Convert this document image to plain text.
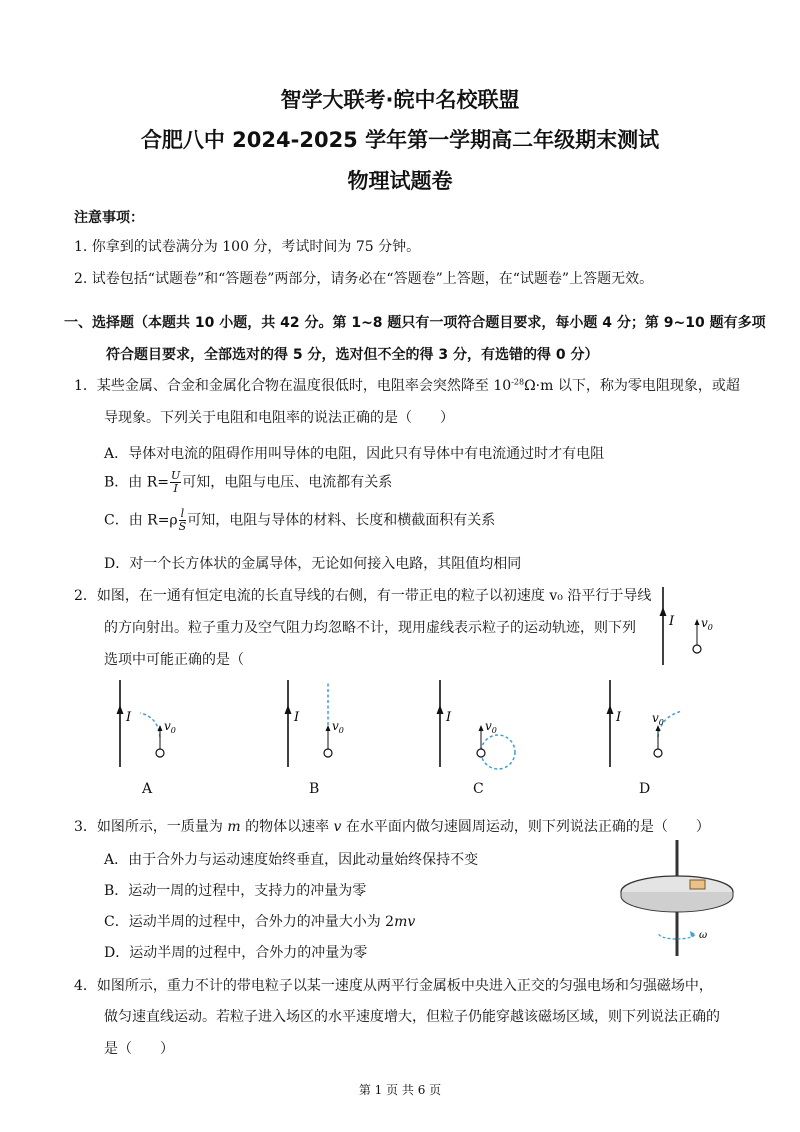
智学大联考·皖中名校联盟
合肥八中 2024-2025 学年第一学期高二年级期末测试
物理试题卷
注意事项：
1. 你拿到的试卷满分为 100 分，考试时间为 75 分钟。
2. 试卷包括“试题卷”和“答题卷”两部分，请务必在“答题卷”上答题，在“试题卷”上答题无效。
一、选择题（本题共 10 小题，共 42 分。第 1~8 题只有一项符合题目要求，每小题 4 分；第 9~10 题有多项
符合题目要求，全部选对的得 5 分，选对但不全的得 3 分，有选错的得 0 分）
1．某些金属、合金和金属化合物在温度很低时，电阻率会突然降至 $10^{-28}\Omega\cdot m$ 以下，称为零电阻现象，或超
导现象。下列关于电阻和电阻率的说法正确的是（　　）
A．导体对电流的阻碍作用叫导体的电阻，因此只有导体中有电流通过时才有电阻
B．由 $R= \frac{U}{I}$ 可知，电阻与电压、电流都有关系
C．由 $R=\rho \frac{l}{S}$ 可知，电阻与导体的材料、长度和横截面积有关系
D．对一个长方体状的金属导体，无论如何接入电路，其阻值均相同
2．如图，在一通有恒定电流的长直导线的右侧，有一带正电的粒子以初速度 v₀ 沿平行于导线
的方向射出。粒子重力及空气阻力均忽略不计，现用虚线表示粒子的运动轨迹，则下列
选项中可能正确的是（
I $v_0$
I
$v_0$
A
I
$v_0$
B
I
$v_0$
C
I	$v_0$
D
3．如图所示，一质量为 m 的物体以速率 v 在水平面内做匀速圆周运动，则下列说法正确的是（　　）
A．由于合外力与运动速度始终垂直，因此动量始终保持不变
B．运动一周的过程中，支持力的冲量为零
C．运动半周的过程中，合外力的冲量大小为 2mv
D．运动半周的过程中，合外力的冲量为零
ω
4．如图所示，重力不计的带电粒子以某一速度从两平行金属板中央进入正交的匀强电场和匀强磁场中，
做匀速直线运动。若粒子进入场区的水平速度增大，但粒子仍能穿越该磁场区域，则下列说法正确的
是（　　）
第 1 页 共 6 页
